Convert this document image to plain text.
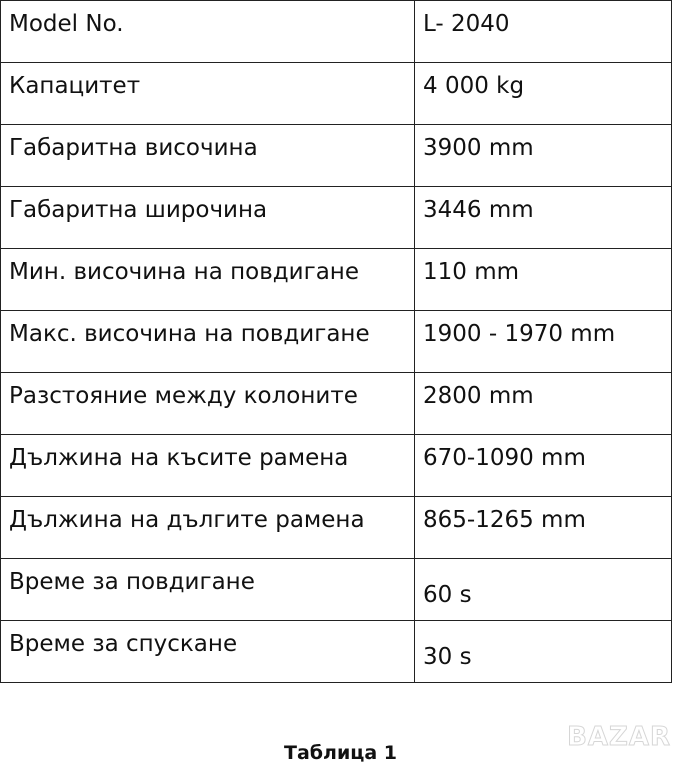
Model No.	L- 2040
Капацитет	4 000 kg
Габаритна височина	3900 mm
Габаритна широчина	3446 mm
Мин. височина на повдигане	110 mm
Макс. височина на повдигане	1900 - 1970 mm
Разстояние между колоните	2800 mm
Дължина на късите рамена	670-1090 mm
Дължина на дългите рамена	865-1265 mm
Време за повдигане	60 s
Време за спускане	30 s
BAZAR
Таблица 1
